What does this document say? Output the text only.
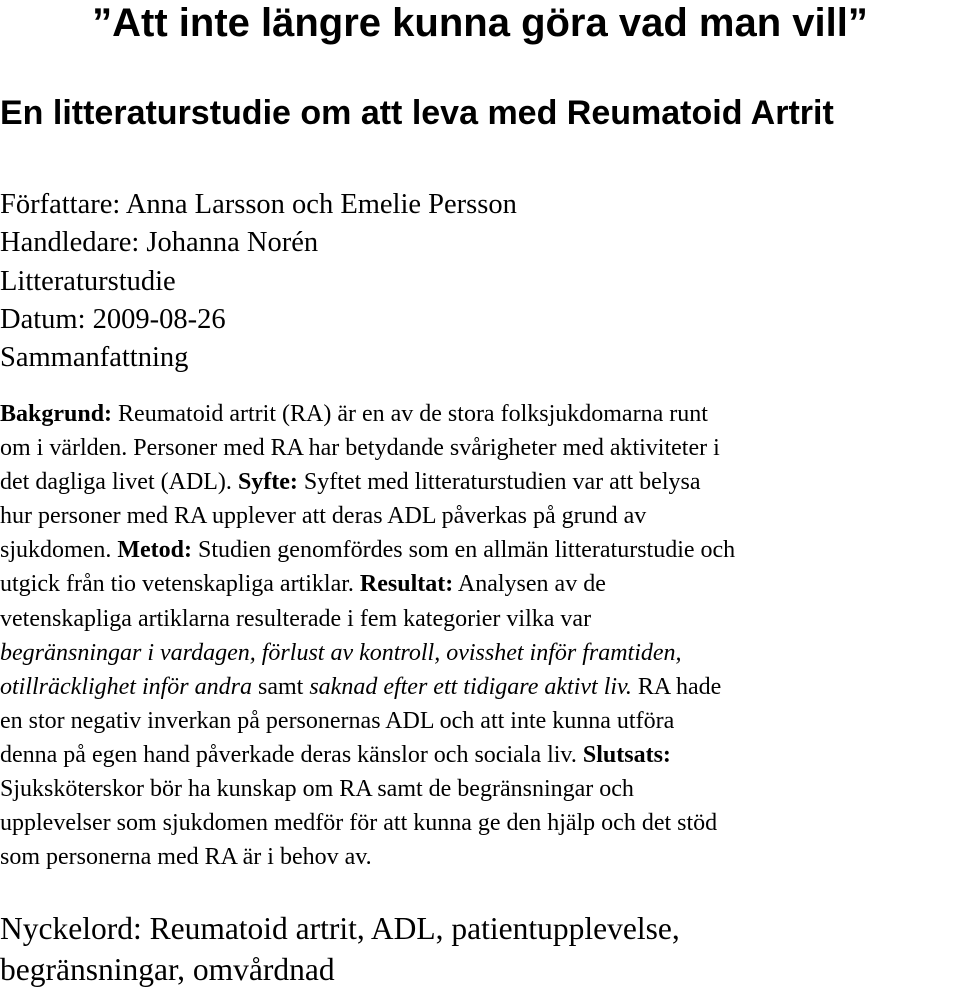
”Att inte längre kunna göra vad man vill”
En litteraturstudie om att leva med Reumatoid Artrit
Författare: Anna Larsson och Emelie Persson
Handledare: Johanna Norén
Litteraturstudie
Datum: 2009-08-26
Sammanfattning
Bakgrund: Reumatoid artrit (RA) är en av de stora folksjukdomarna runt
om i världen. Personer med RA har betydande svårigheter med aktiviteter i
det dagliga livet (ADL). Syfte: Syftet med litteraturstudien var att belysa
hur personer med RA upplever att deras ADL påverkas på grund av
sjukdomen. Metod: Studien genomfördes som en allmän litteraturstudie och
utgick från tio vetenskapliga artiklar. Resultat: Analysen av de
vetenskapliga artiklarna resulterade i fem kategorier vilka var
begränsningar i vardagen, förlust av kontroll, ovisshet inför framtiden,
otillräcklighet inför andra samt saknad efter ett tidigare aktivt liv. RA hade
en stor negativ inverkan på personernas ADL och att inte kunna utföra
denna på egen hand påverkade deras känslor och sociala liv. Slutsats:
Sjuksköterskor bör ha kunskap om RA samt de begränsningar och
upplevelser som sjukdomen medför för att kunna ge den hjälp och det stöd
som personerna med RA är i behov av.
Nyckelord: Reumatoid artrit, ADL, patientupplevelse,
begränsningar, omvårdnad
